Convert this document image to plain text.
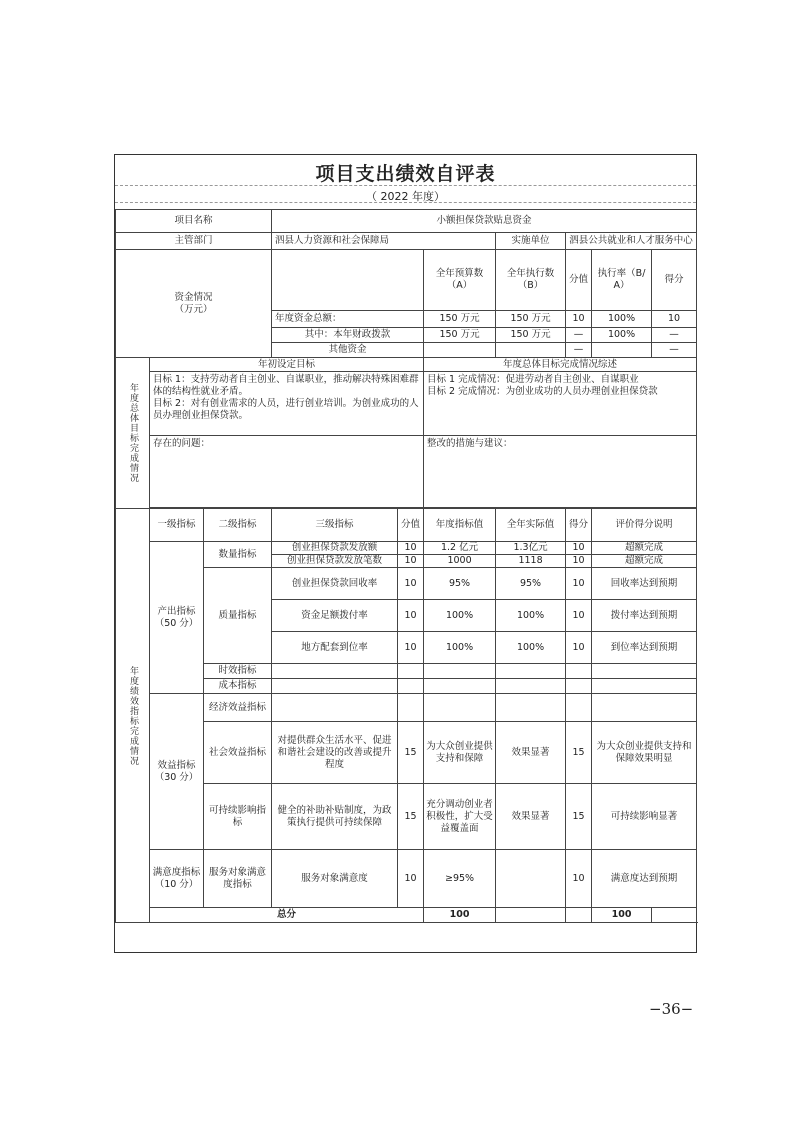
项目支出绩效自评表
（ 2022 年度）
项目名称			小额担保贷款贴息资金						
主管部门			泗县人力资源和社会保障局			实施单位	泗县公共就业和人才服务中心		
资金情况
（万元）					全年预算数（A）	全年执行数（B）	分值	执行率（B/A）	得分
			年度资金总额：		150 万元	150 万元	10	100%	10
			其中：本年财政拨款		150 万元	150 万元	—	100%	—
			其他资金				—		—

年度总体目标完成情况	年初设定目标				年度总体目标完成情况综述				
	目标 1：支持劳动者自主创业、自谋职业，推动解决特殊困难群体的结构性就业矛盾。
目标 2：对有创业需求的人员，进行创业培训。为创业成功的人员办理创业担保贷款。				目标 1 完成情况：促进劳动者自主创业、自谋职业
目标 2 完成情况：为创业成功的人员办理创业担保贷款				
	存在的问题：				整改的措施与建议：				

年度绩效指标完成情况	一级指标	二级指标	三级指标	分值	年度指标值	全年实际值	得分	评价得分说明	
	产出指标
（50 分）	数量指标	创业担保贷款发放额	10	1.2 亿元	1.3亿元	10	超额完成	
			创业担保贷款发放笔数	10	1000	1118	10	超额完成	
		质量指标	创业担保贷款回收率	10	95%	95%	10	回收率达到预期	
			资金足额拨付率	10	100%	100%	10	拨付率达到预期	
			地方配套到位率	10	100%	100%	10	到位率达到预期	
		时效指标							
		成本指标							
	效益指标
（30 分）	经济效益指标							
		社会效益指标	对提供群众生活水平、促进和谐社会建设的改善或提升程度	15	为大众创业提供支持和保障	效果显著	15	为大众创业提供支持和保障效果明显	
		可持续影响指标	健全的补助补贴制度，为政策执行提供可持续保障	15	充分调动创业者积极性，扩大受益覆盖面	效果显著	15	可持续影响显著	
	满意度指标
（10 分）	服务对象满意度指标	服务对象满意度	10	≥95%		10	满意度达到预期	
	总分				100			100	
−36−
